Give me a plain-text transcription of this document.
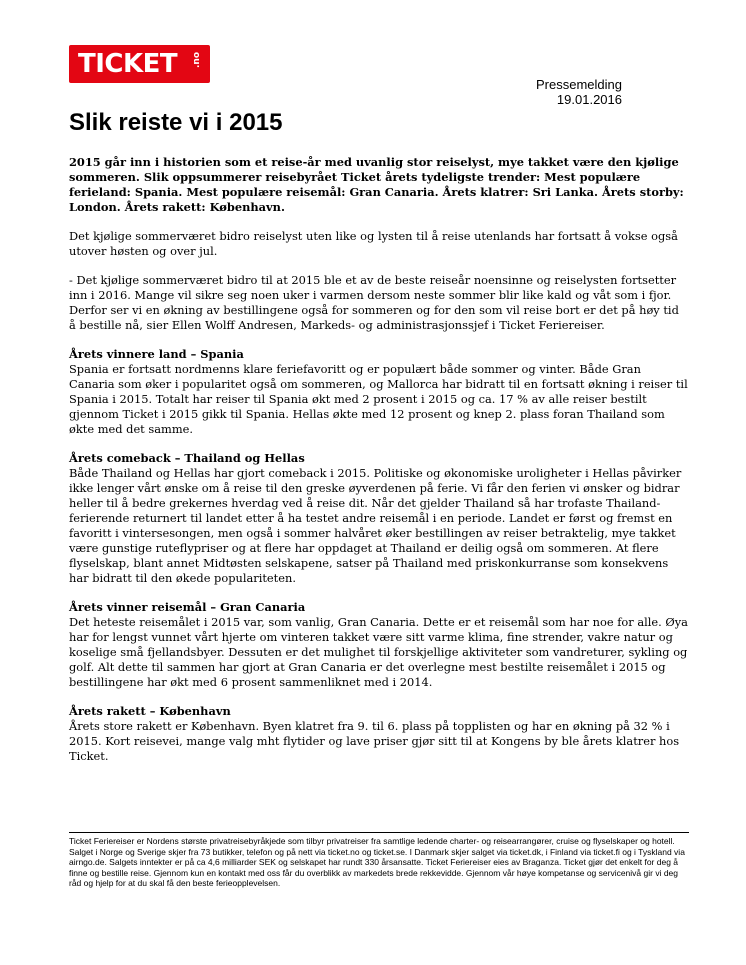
TICKET .no
Pressemelding
19.01.2016
Slik reiste vi i 2015

2015 går inn i historien som et reise-år med uvanlig stor reiselyst, mye takket være den kjølige sommeren. Slik oppsummerer reisebyrået Ticket årets tydeligste trender: Mest populære ferieland: Spania. Mest populære reisemål: Gran Canaria. Årets klatrer: Sri Lanka. Årets storby: London. Årets rakett: København.

Det kjølige sommerværet bidro reiselyst uten like og lysten til å reise utenlands har fortsatt å vokse også utover høsten og over jul.

- Det kjølige sommerværet bidro til at 2015 ble et av de beste reiseår noensinne og reiselysten fortsetter inn i 2016. Mange vil sikre seg noen uker i varmen dersom neste sommer blir like kald og våt som i fjor. Derfor ser vi en økning av bestillingene også for sommeren og for den som vil reise bort er det på høy tid å bestille nå, sier Ellen Wolff Andresen, Markeds- og administrasjonssjef i Ticket Feriereiser.

Årets vinnere land – Spania
Spania er fortsatt nordmenns klare feriefavoritt og er populært både sommer og vinter. Både Gran Canaria som øker i popularitet også om sommeren, og Mallorca har bidratt til en fortsatt økning i reiser til Spania i 2015. Totalt har reiser til Spania økt med 2 prosent i 2015 og ca. 17 % av alle reiser bestilt gjennom Ticket i 2015 gikk til Spania. Hellas økte med 12 prosent og knep 2. plass foran Thailand som økte med det samme.

Årets comeback – Thailand og Hellas
Både Thailand og Hellas har gjort comeback i 2015. Politiske og økonomiske uroligheter i Hellas påvirker ikke lenger vårt ønske om å reise til den greske øyverdenen på ferie. Vi får den ferien vi ønsker og bidrar heller til å bedre grekernes hverdag ved å reise dit. Når det gjelder Thailand så har trofaste Thailand-ferierende returnert til landet etter å ha testet andre reisemål i en periode. Landet er først og fremst en favoritt i vintersesongen, men også i sommer halvåret øker bestillingen av reiser betraktelig, mye takket være gunstige ruteflypriser og at flere har oppdaget at Thailand er deilig også om sommeren. At flere flyselskap, blant annet Midtøsten selskapene, satser på Thailand med priskonkurranse som konsekvens har bidratt til den økede populariteten.

Årets vinner reisemål – Gran Canaria
Det heteste reisemålet i 2015 var, som vanlig, Gran Canaria. Dette er et reisemål som har noe for alle. Øya har for lengst vunnet vårt hjerte om vinteren takket være sitt varme klima, fine strender, vakre natur og koselige små fjellandsbyer. Dessuten er det mulighet til forskjellige aktiviteter som vandreturer, sykling og golf. Alt dette til sammen har gjort at Gran Canaria er det overlegne mest bestilte reisemålet i 2015 og bestillingene har økt med 6 prosent sammenliknet med i 2014.

Årets rakett – København
Årets store rakett er København. Byen klatret fra 9. til 6. plass på topplisten og har en økning på 32 % i 2015. Kort reisevei, mange valg mht flytider og lave priser gjør sitt til at Kongens by ble årets klatrer hos Ticket.

Ticket Feriereiser er Nordens største privatreisebyråkjede som tilbyr privatreiser fra samtlige ledende charter- og reisearrangører, cruise og flyselskaper og hotell. Salget i Norge og Sverige skjer fra 73 butikker, telefon og på nett via ticket.no og ticket.se. I Danmark skjer salget via ticket.dk, i Finland via ticket.fi og i Tyskland via airngo.de. Salgets inntekter er på ca 4,6 milliarder SEK og selskapet har rundt 330 årsansatte. Ticket Feriereiser eies av Braganza. Ticket gjør det enkelt for deg å finne og bestille reise. Gjennom kun en kontakt med oss får du overblikk av markedets brede rekkevidde. Gjennom vår høye kompetanse og servicenivå gir vi deg råd og hjelp for at du skal få den beste ferieopplevelsen.
